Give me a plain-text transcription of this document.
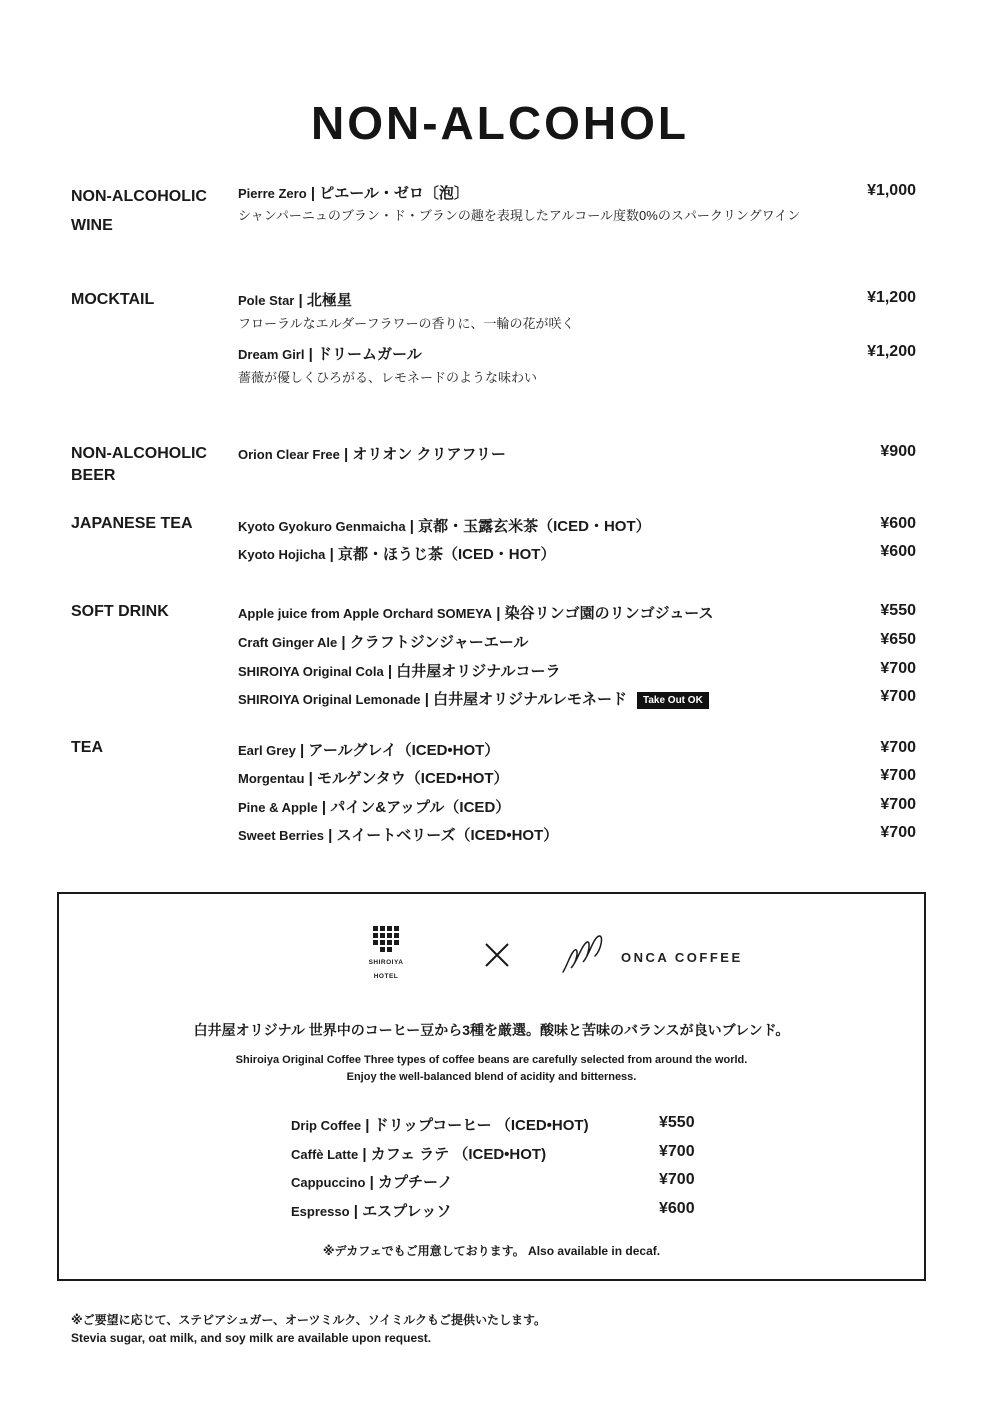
NON-ALCOHOL
NON-ALCOHOLIC
WINE
Pierre Zero | ピエール・ゼロ〔泡〕	¥1,000
シャンパーニュのブラン・ド・ブランの趣を表現したアルコール度数0%のスパークリングワイン
MOCKTAIL	Pole Star | 北極星	¥1,200
フローラルなエルダーフラワーの香りに、一輪の花が咲く
Dream Girl | ドリームガール	¥1,200
薔薇が優しくひろがる、レモネードのような味わい
NON-ALCOHOLIC
BEER
Orion Clear Free | オリオン クリアフリー	¥900
JAPANESE TEA	Kyoto Gyokuro Genmaicha | 京都・玉露玄米茶（ICED・HOT）	¥600
Kyoto Hojicha | 京都・ほうじ茶（ICED・HOT）	¥600
SOFT DRINK	Apple juice from Apple Orchard SOMEYA | 染谷リンゴ園のリンゴジュース	¥550
Craft Ginger Ale | クラフトジンジャーエール	¥650
SHIROIYA Original Cola | 白井屋オリジナルコーラ	¥700
SHIROIYA Original Lemonade | 白井屋オリジナルレモネード Take Out OK	¥700
TEA	Earl Grey | アールグレイ（ICED•HOT）	¥700
Morgentau | モルゲンタウ（ICED•HOT）	¥700
Pine & Apple | パイン&アップル（ICED）	¥700
Sweet Berries | スイートベリーズ（ICED•HOT）	¥700
SHIROIYA
HOTEL
ONCA COFFEE
白井屋オリジナル 世界中のコーヒー豆から3種を厳選。酸味と苦味のバランスが良いブレンド。
Shiroiya Original Coffee Three types of coffee beans are carefully selected from around the world.
Enjoy the well-balanced blend of acidity and bitterness.
Drip Coffee | ドリップコーヒー （ICED•HOT)	¥550
Caffè Latte | カフェ ラテ （ICED•HOT)	¥700
Cappuccino | カプチーノ	¥700
Espresso | エスプレッソ	¥600
※デカフェでもご用意しております。 Also available in decaf.
※ご要望に応じて、ステビアシュガー、オーツミルク、ソイミルクもご提供いたします。
Stevia sugar, oat milk, and soy milk are available upon request.
